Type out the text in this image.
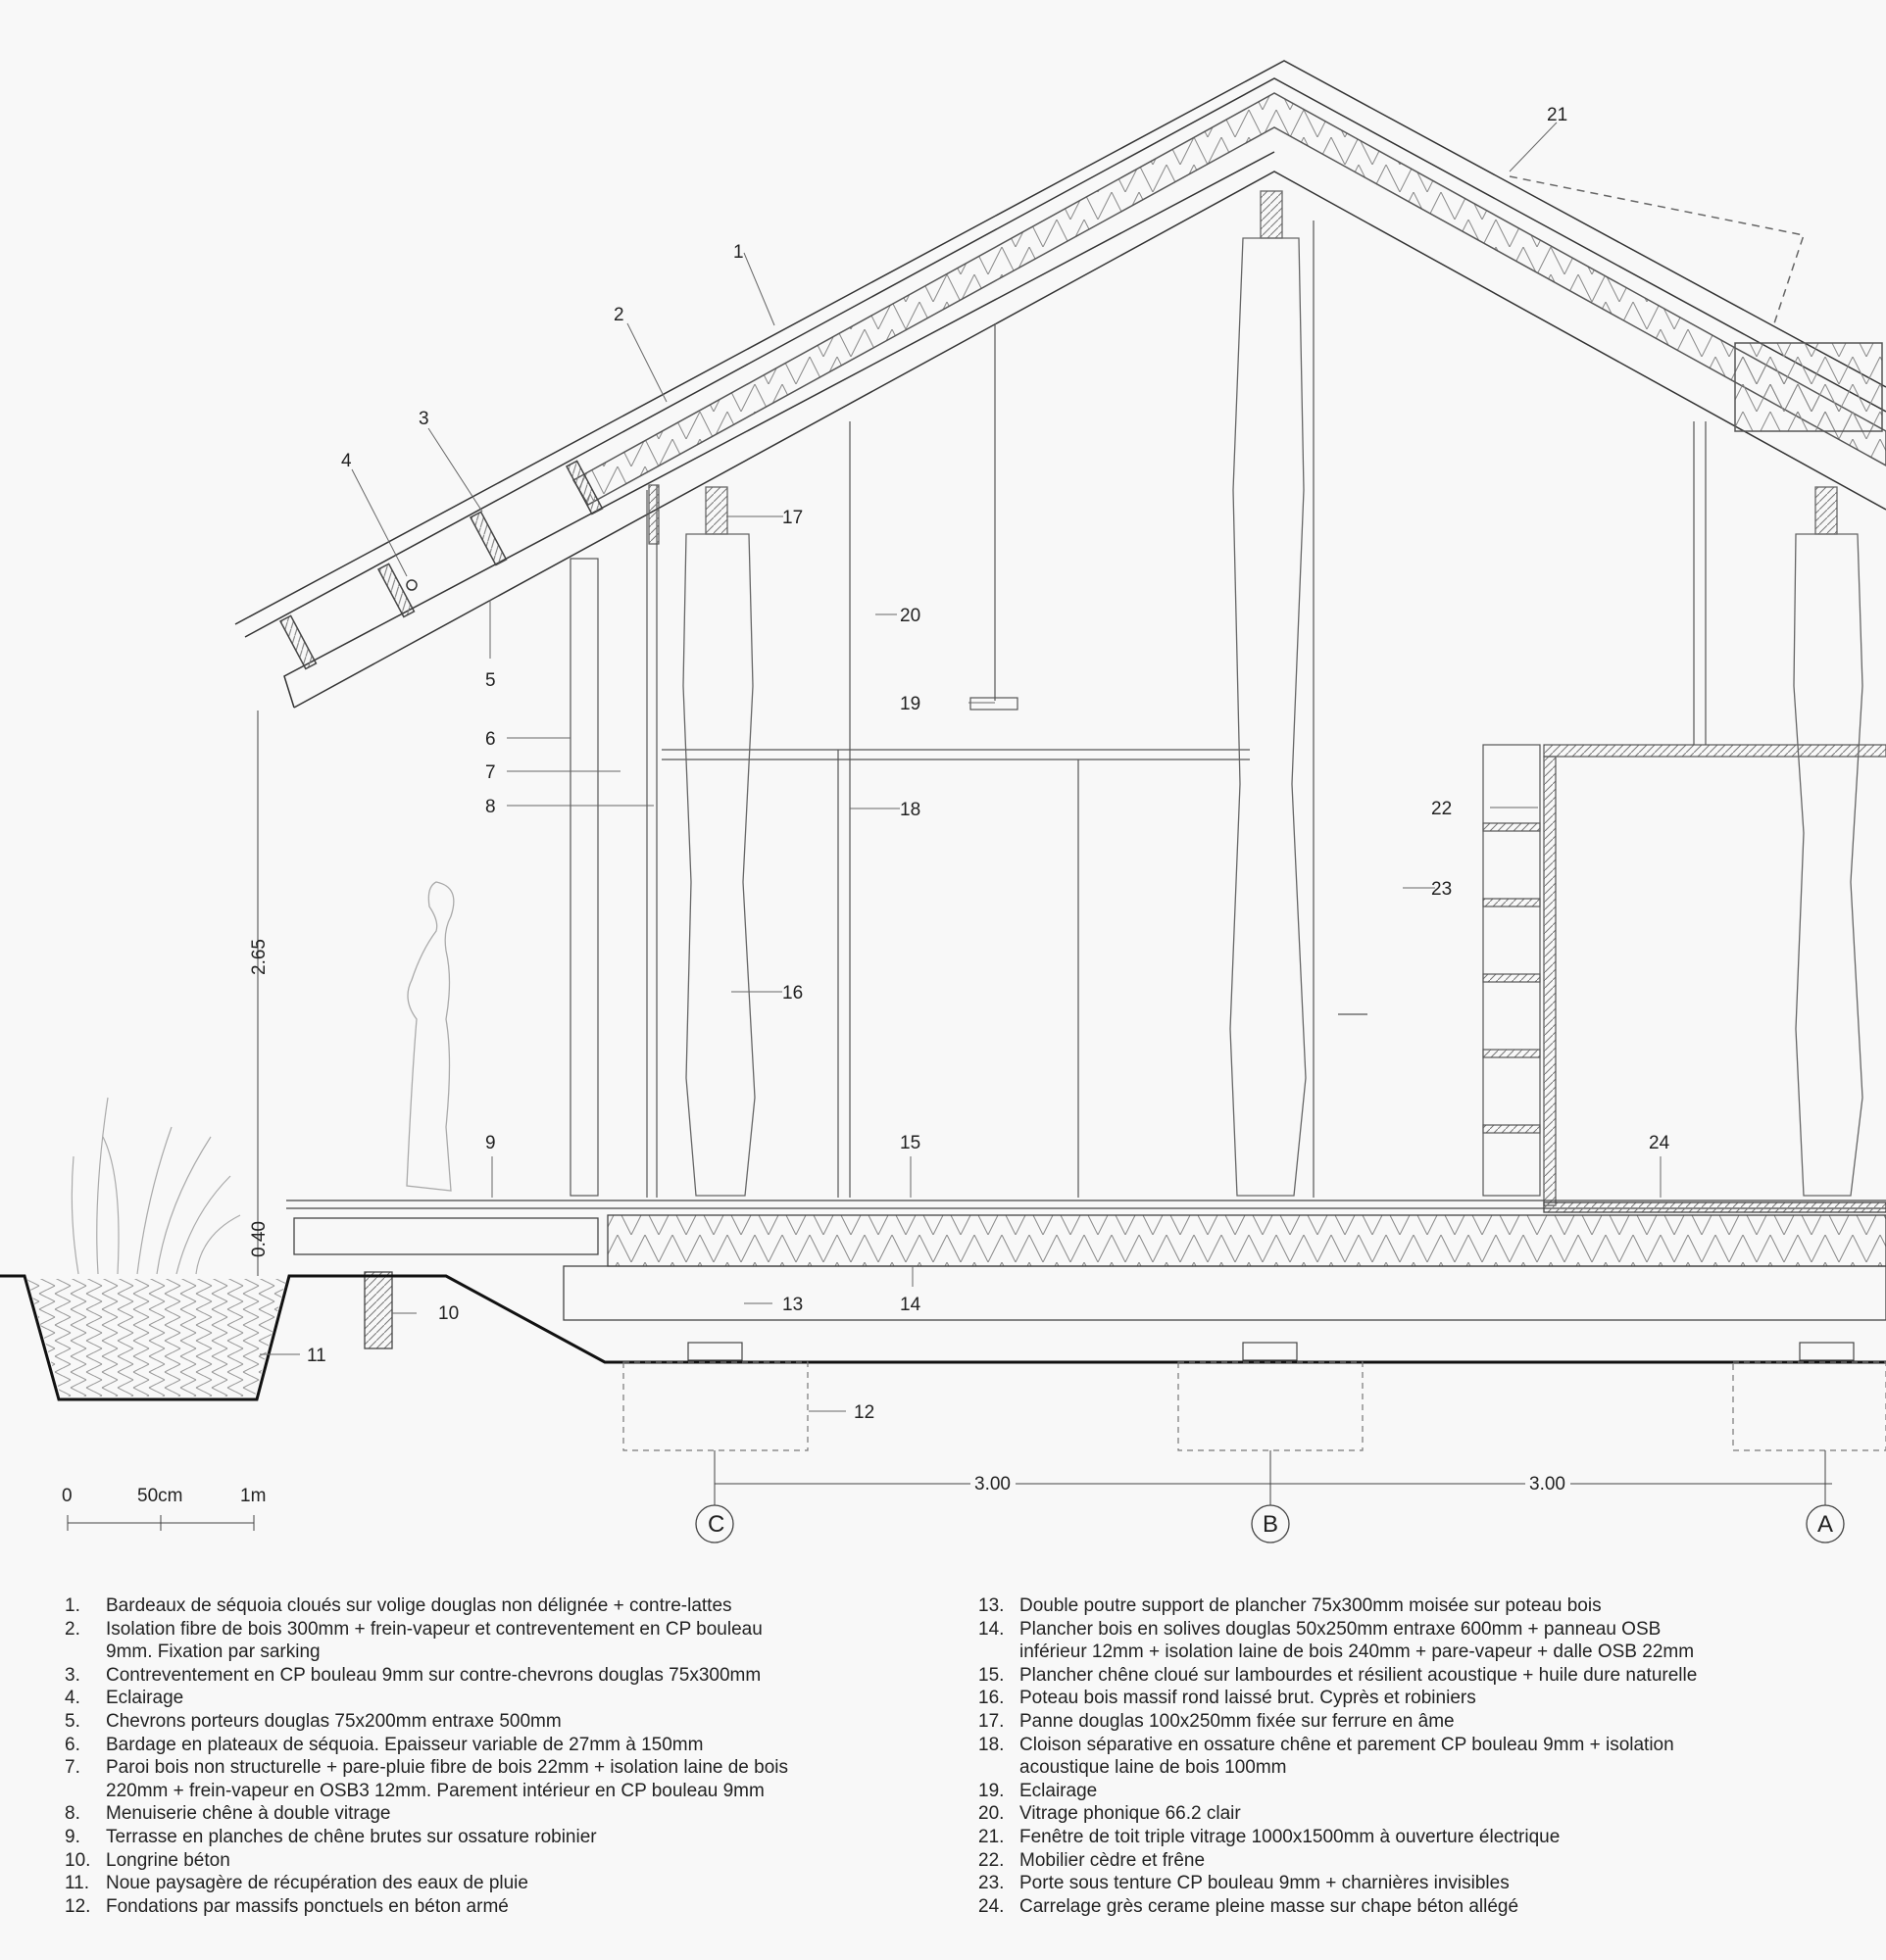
1
2
3
4
5
6
7
8
9
10
11
12
13	14
15
16
17
18
19
20
21
22
23
24
2.65
0.40
3.00	3.00
0	50cm	1m
C	B	A
1.	Bardeaux de séquoia cloués sur volige douglas non délignée + contre-lattes
2.	Isolation fibre de bois 300mm + frein-vapeur et contreventement en CP bouleau
9mm. Fixation par sarking
3.	Contreventement en CP bouleau 9mm sur contre-chevrons douglas 75x300mm
4.	Eclairage
5.	Chevrons porteurs douglas 75x200mm entraxe 500mm
6.	Bardage en plateaux de séquoia. Epaisseur variable de 27mm à 150mm
7.	Paroi bois non structurelle + pare-pluie fibre de bois 22mm + isolation laine de bois
220mm + frein-vapeur en OSB3 12mm. Parement intérieur en CP bouleau 9mm
8.	Menuiserie chêne à double vitrage
9.	Terrasse en planches de chêne brutes sur ossature robinier
10. Longrine béton
11. Noue paysagère de récupération des eaux de pluie
12. Fondations par massifs ponctuels en béton armé
13. Double poutre support de plancher 75x300mm moisée sur poteau bois
14. Plancher bois en solives douglas 50x250mm entraxe 600mm + panneau OSB
inférieur 12mm + isolation laine de bois 240mm + pare-vapeur + dalle OSB 22mm
15. Plancher chêne cloué sur lambourdes et résilient acoustique + huile dure naturelle
16. Poteau bois massif rond laissé brut. Cyprès et robiniers
17. Panne douglas 100x250mm fixée sur ferrure en âme
18. Cloison séparative en ossature chêne et parement CP bouleau 9mm + isolation
acoustique laine de bois 100mm
19. Eclairage
20. Vitrage phonique 66.2 clair
21. Fenêtre de toit triple vitrage 1000x1500mm à ouverture électrique
22. Mobilier cèdre et frêne
23. Porte sous tenture CP bouleau 9mm + charnières invisibles
24. Carrelage grès cerame pleine masse sur chape béton allégé
